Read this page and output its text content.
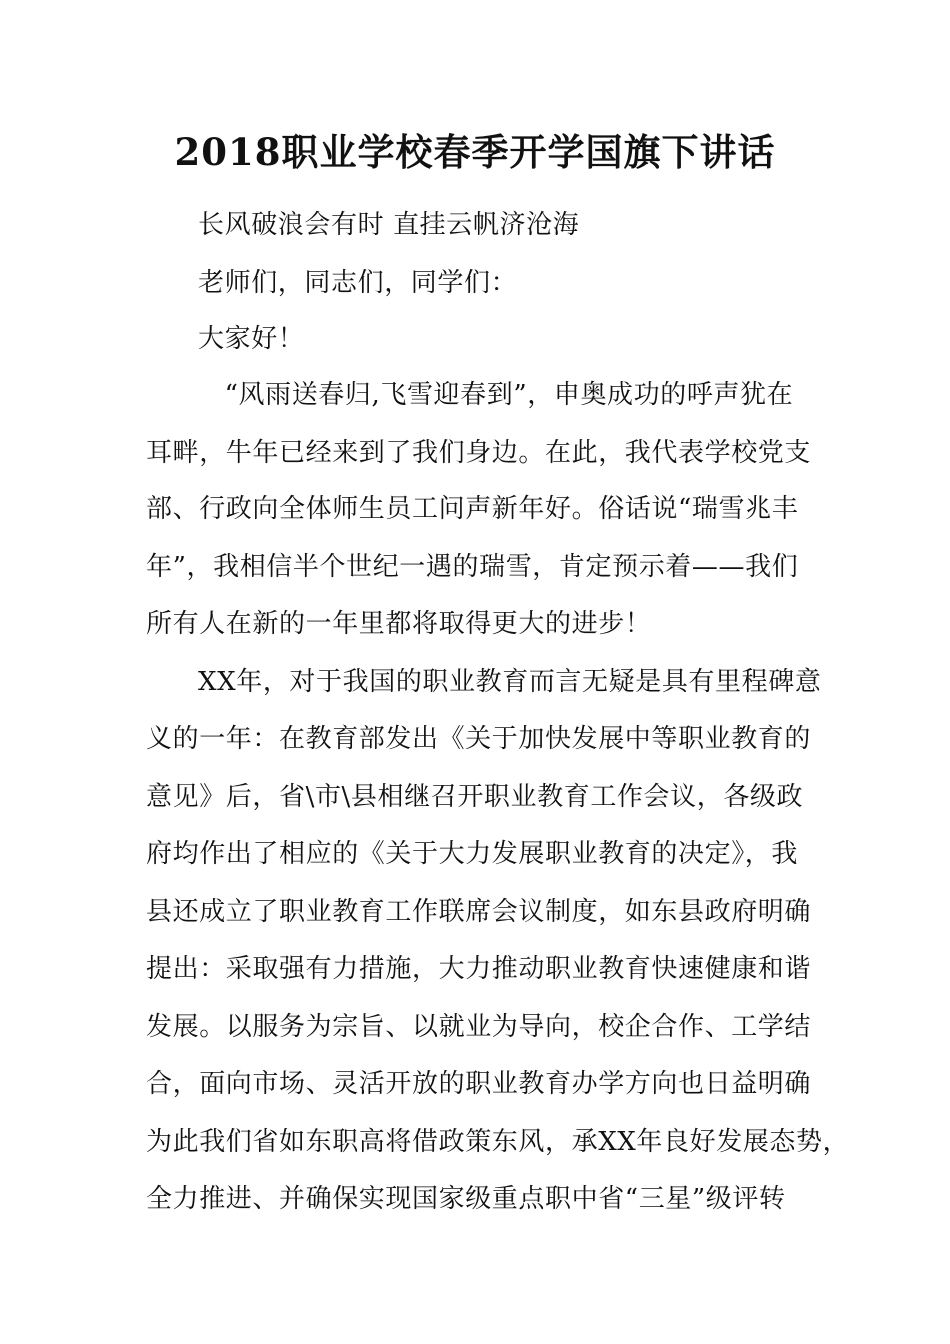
2018职业学校春季开学国旗下讲话

长风破浪会有时 直挂云帆济沧海

老师们，同志们，同学们：

大家好！

　“风雨送春归,飞雪迎春到”，申奥成功的呼声犹在

耳畔，牛年已经来到了我们身边。在此，我代表学校党支

部、行政向全体师生员工问声新年好。俗话说“瑞雪兆丰

年”，我相信半个世纪一遇的瑞雪，肯定预示着——我们

所有人在新的一年里都将取得更大的进步！

XX年，对于我国的职业教育而言无疑是具有里程碑意

义的一年：在教育部发出《关于加快发展中等职业教育的

意见》后，省\市\县相继召开职业教育工作会议，各级政

府均作出了相应的《关于大力发展职业教育的决定》，我

县还成立了职业教育工作联席会议制度，如东县政府明确

提出：采取强有力措施，大力推动职业教育快速健康和谐

发展。以服务为宗旨、以就业为导向，校企合作、工学结

合，面向市场、灵活开放的职业教育办学方向也日益明确

为此我们省如东职高将借政策东风，承XX年良好发展态势，

全力推进、并确保实现国家级重点职中省“三星”级评转
